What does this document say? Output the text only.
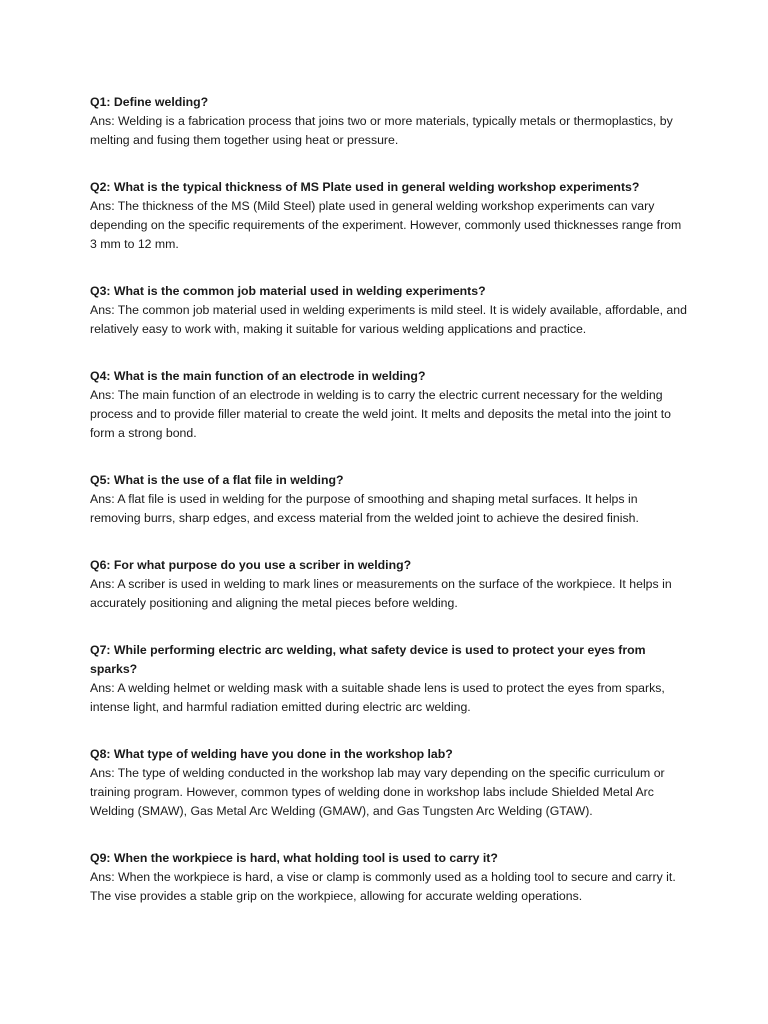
Q1: Define welding?
Ans: Welding is a fabrication process that joins two or more materials, typically metals or thermoplastics, by melting and fusing them together using heat or pressure.
Q2: What is the typical thickness of MS Plate used in general welding workshop experiments?
Ans: The thickness of the MS (Mild Steel) plate used in general welding workshop experiments can vary depending on the specific requirements of the experiment. However, commonly used thicknesses range from 3 mm to 12 mm.
Q3: What is the common job material used in welding experiments?
Ans: The common job material used in welding experiments is mild steel. It is widely available, affordable, and relatively easy to work with, making it suitable for various welding applications and practice.
Q4: What is the main function of an electrode in welding?
Ans: The main function of an electrode in welding is to carry the electric current necessary for the welding process and to provide filler material to create the weld joint. It melts and deposits the metal into the joint to form a strong bond.
Q5: What is the use of a flat file in welding?
Ans: A flat file is used in welding for the purpose of smoothing and shaping metal surfaces. It helps in removing burrs, sharp edges, and excess material from the welded joint to achieve the desired finish.
Q6: For what purpose do you use a scriber in welding?
Ans: A scriber is used in welding to mark lines or measurements on the surface of the workpiece. It helps in accurately positioning and aligning the metal pieces before welding.
Q7: While performing electric arc welding, what safety device is used to protect your eyes from sparks?
Ans: A welding helmet or welding mask with a suitable shade lens is used to protect the eyes from sparks, intense light, and harmful radiation emitted during electric arc welding.
Q8: What type of welding have you done in the workshop lab?
Ans: The type of welding conducted in the workshop lab may vary depending on the specific curriculum or training program. However, common types of welding done in workshop labs include Shielded Metal Arc Welding (SMAW), Gas Metal Arc Welding (GMAW), and Gas Tungsten Arc Welding (GTAW).
Q9: When the workpiece is hard, what holding tool is used to carry it?
Ans: When the workpiece is hard, a vise or clamp is commonly used as a holding tool to secure and carry it. The vise provides a stable grip on the workpiece, allowing for accurate welding operations.
